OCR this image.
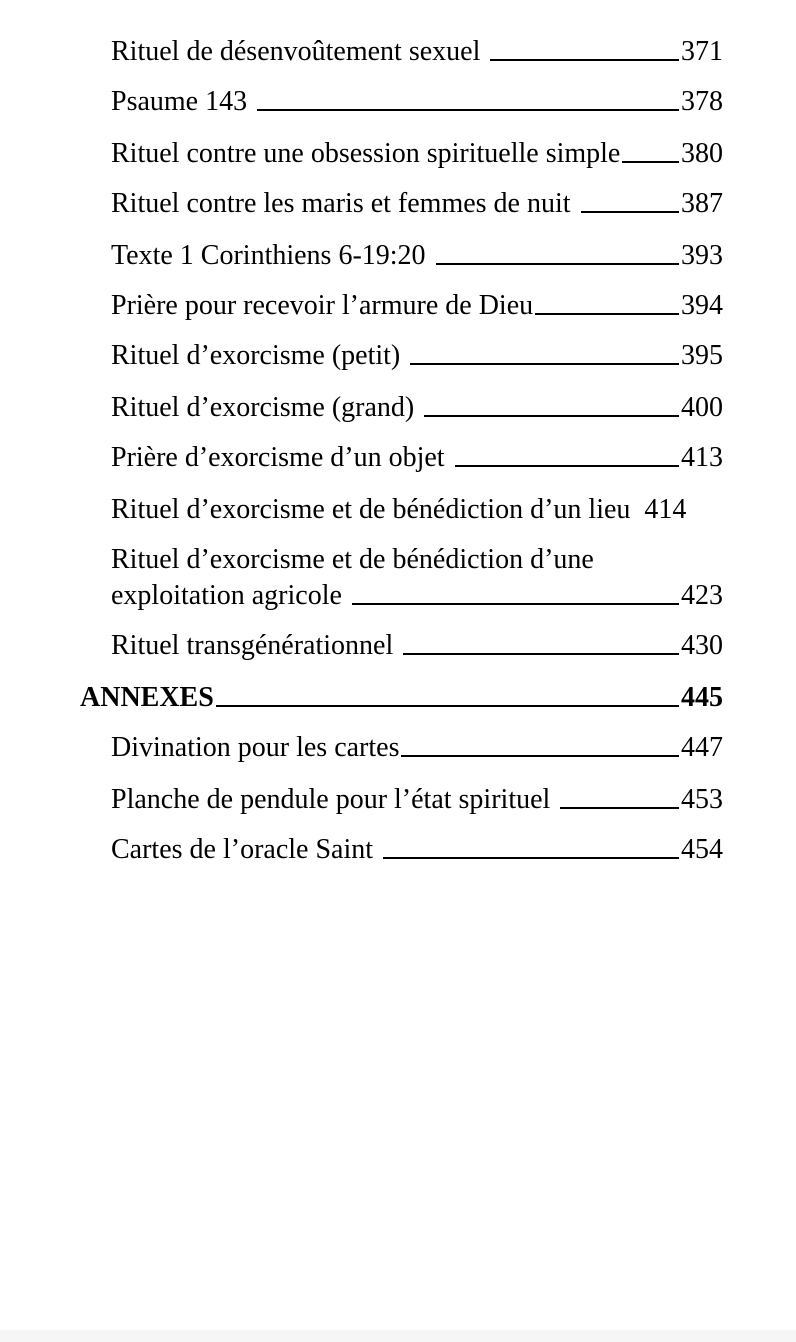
Rituel de désenvoûtement sexuel	371
Psaume 143	378
Rituel contre une obsession spirituelle simple 380
Rituel contre les maris et femmes de nuit	387
Texte 1 Corinthiens 6-19:20	393
Prière pour recevoir l’armure de Dieu	394
Rituel d’exorcisme (petit)	395
Rituel d’exorcisme (grand)	400
Prière d’exorcisme d’un objet	413
Rituel d’exorcisme et de bénédiction d’un lieu 414
Rituel d’exorcisme et de bénédiction d’une
exploitation agricole	423
Rituel transgénérationnel	430
ANNEXES	445
Divination pour les cartes	447
Planche de pendule pour l’état spirituel	453
Cartes de l’oracle Saint	454
